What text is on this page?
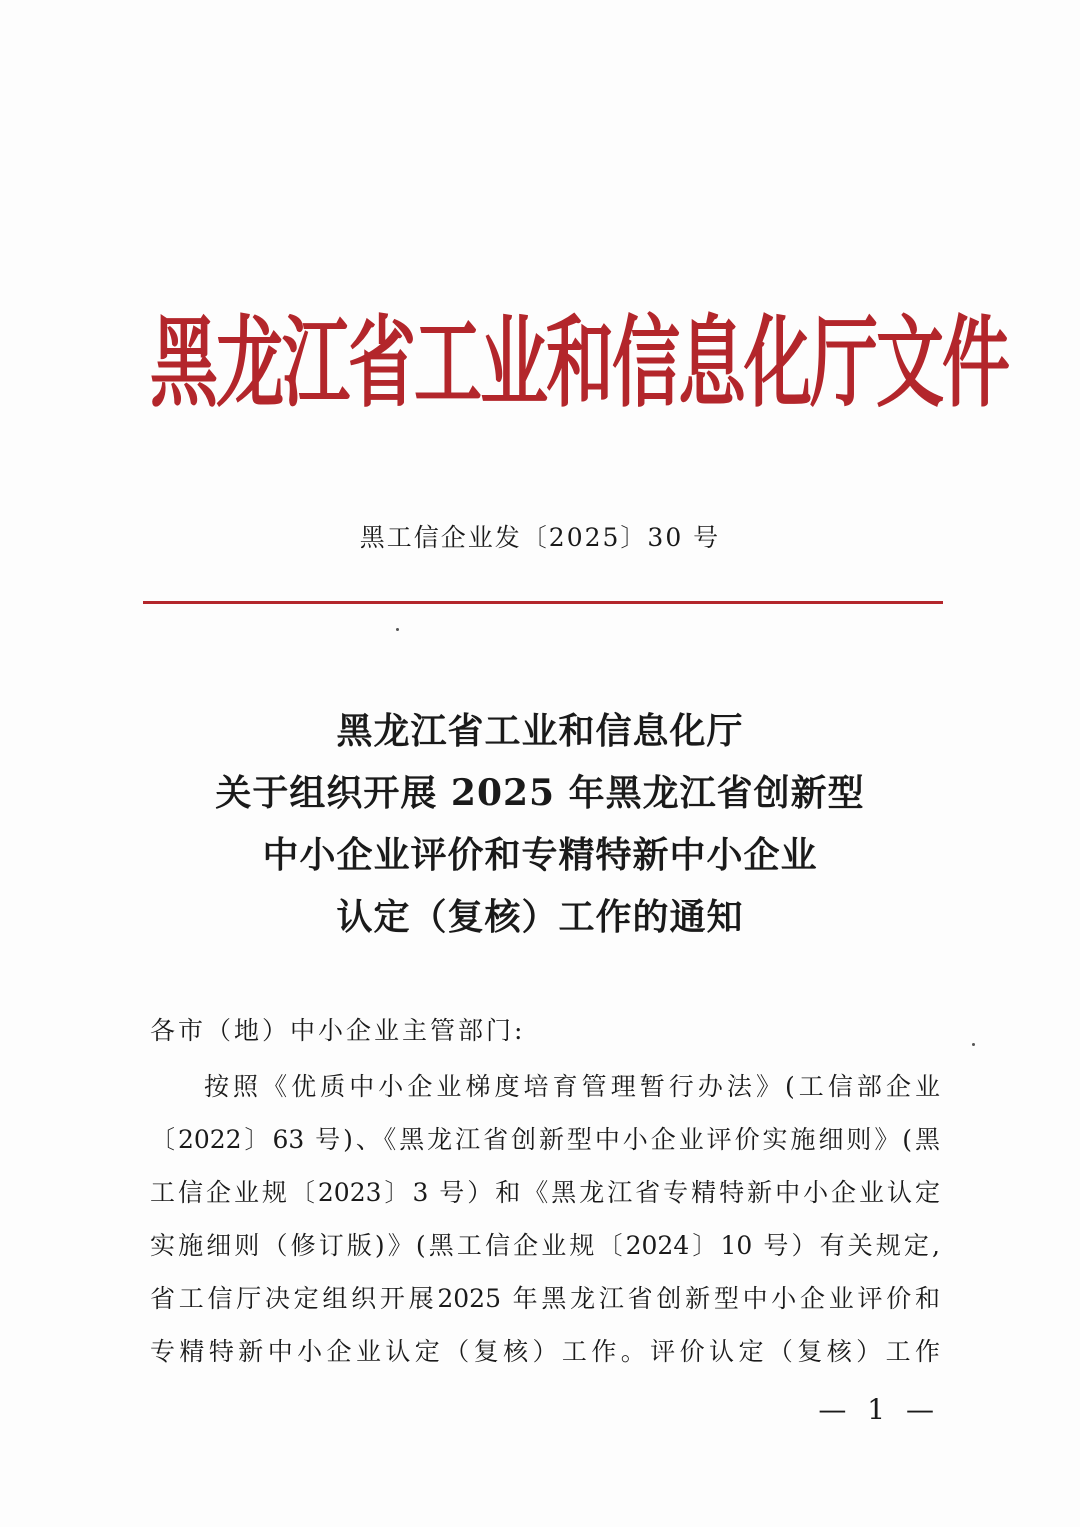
黑龙江省工业和信息化厅文件
黑工信企业发〔2025〕30 号
黑龙江省工业和信息化厅
关于组织开展 2025 年黑龙江省创新型
中小企业评价和专精特新中小企业
认定（复核）工作的通知
各市（地）中小企业主管部门:
按照《优质中小企业梯度培育管理暂行办法》(工信部企业
〔2022〕63 号)、《黑龙江省创新型中小企业评价实施细则》(黑
工信企业规〔2023〕3 号）和《黑龙江省专精特新中小企业认定
实施细则（修订版)》(黑工信企业规〔2024〕10 号）有关规定,
省工信厅决定组织开展2025 年黑龙江省创新型中小企业评价和
专精特新中小企业认定（复核）工作。评价认定（复核）工作
— 1 —
